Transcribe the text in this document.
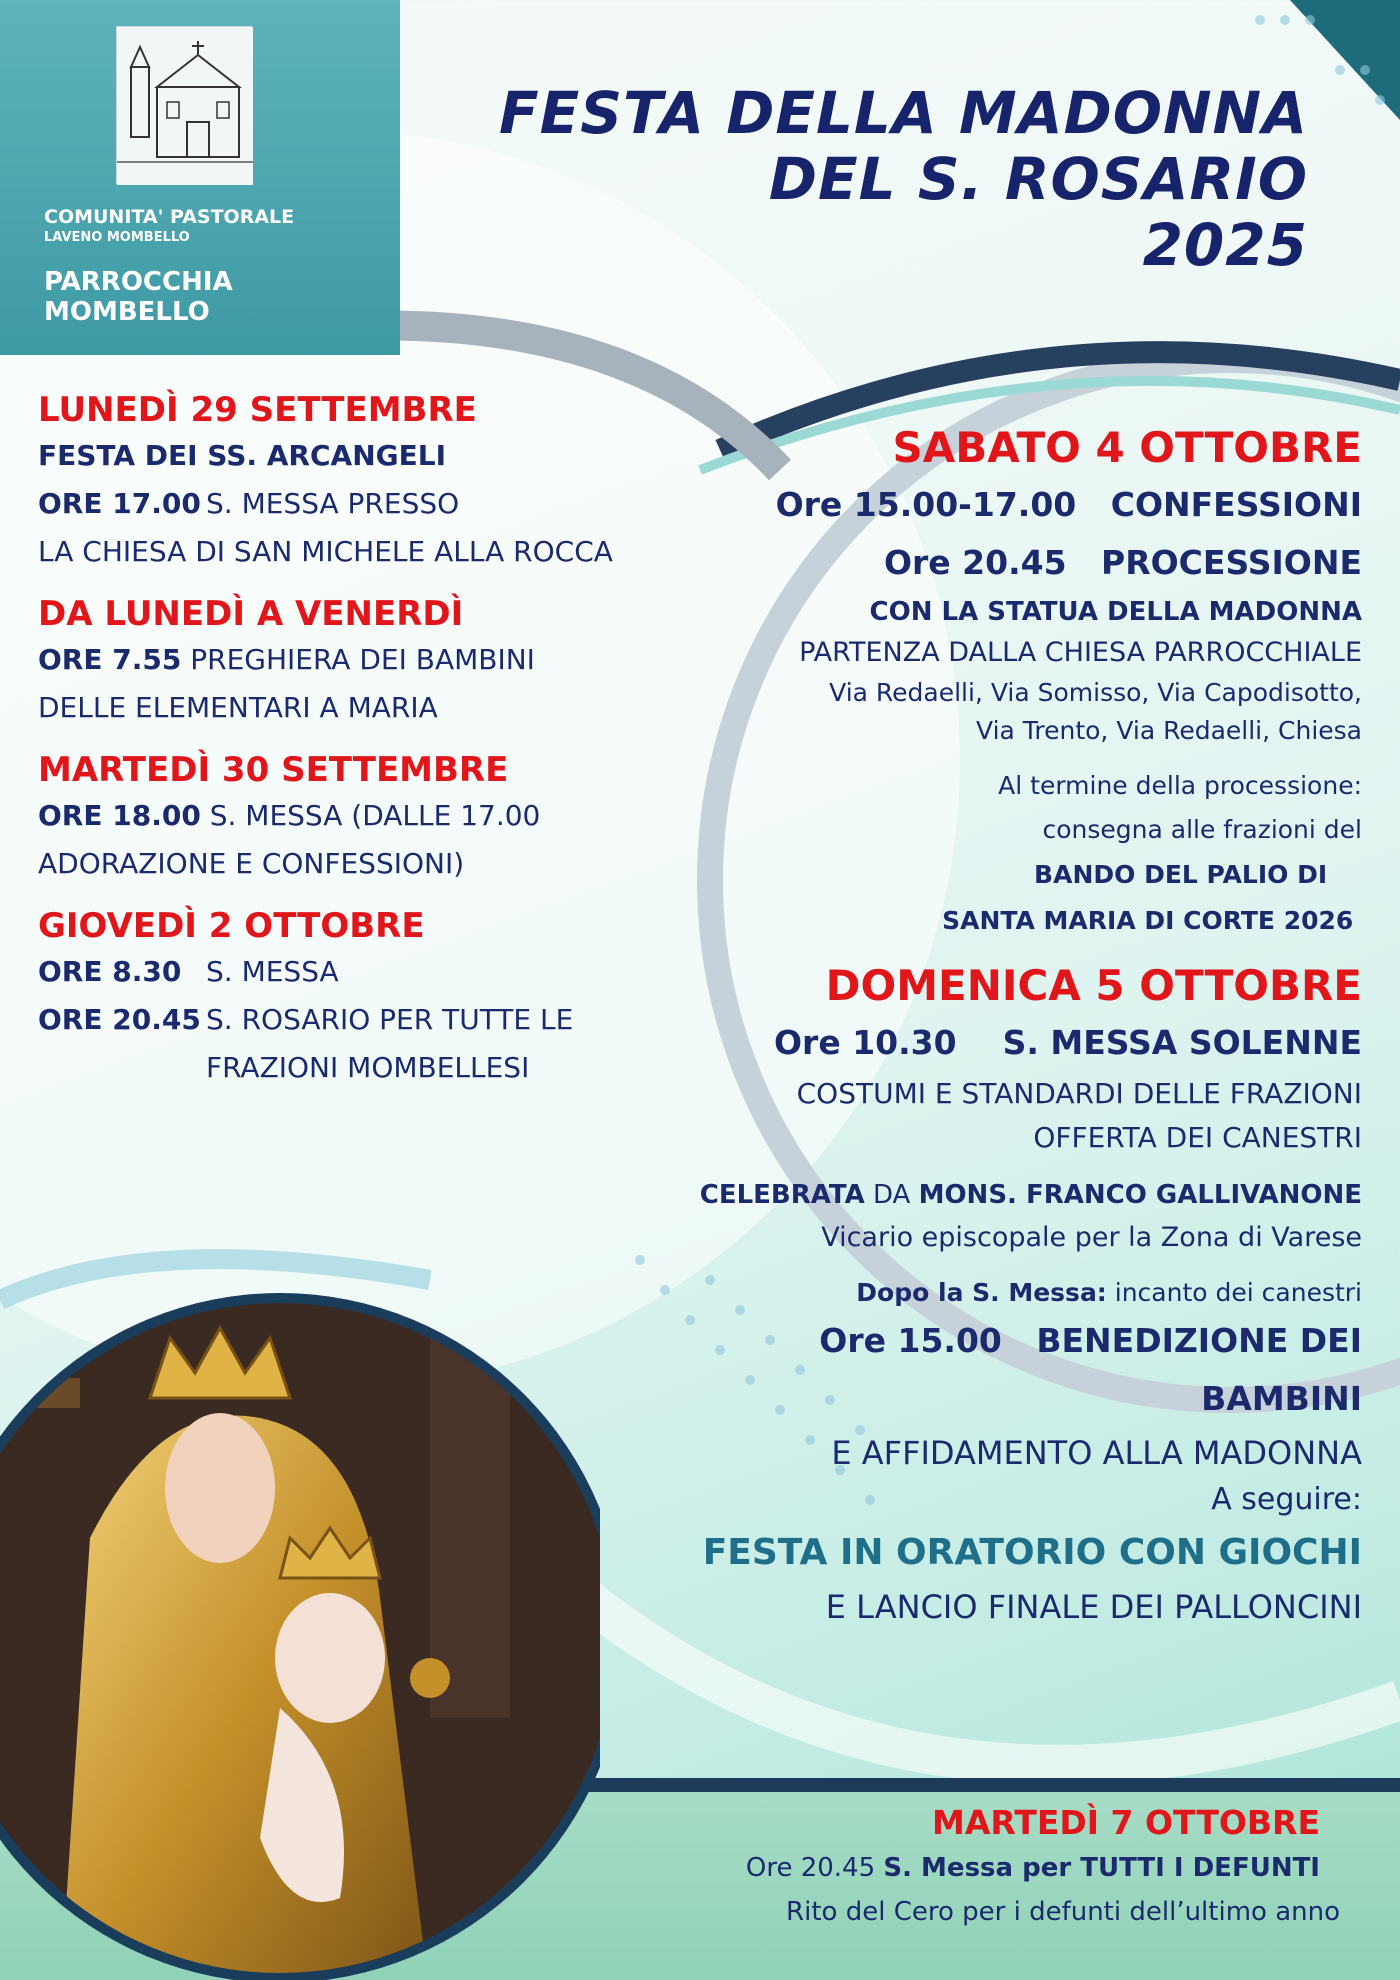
COMUNITA' PASTORALE
LAVENO MOMBELLO
PARROCCHIA
MOMBELLO
FESTA DELLA MADONNA
DEL S. ROSARIO
2025
LUNEDÌ 29 SETTEMBRE
FESTA DEI SS. ARCANGELI
ORE 17.00 S. MESSA PRESSO
LA CHIESA DI SAN MICHELE ALLA ROCCA
DA LUNEDÌ A VENERDÌ
ORE 7.55 PREGHIERA DEI BAMBINI
DELLE ELEMENTARI A MARIA
MARTEDÌ 30 SETTEMBRE
ORE 18.00 S. MESSA (DALLE 17.00
ADORAZIONE E CONFESSIONI)
GIOVEDÌ 2 OTTOBRE
ORE 8.30 S. MESSA
ORE 20.45 S. ROSARIO PER TUTTE LE
FRAZIONI MOMBELLESI
SABATO 4 OTTOBRE
Ore 15.00-17.00 CONFESSIONI
Ore 20.45 PROCESSIONE
CON LA STATUA DELLA MADONNA
PARTENZA DALLA CHIESA PARROCCHIALE
Via Redaelli, Via Somisso, Via Capodisotto,
Via Trento, Via Redaelli, Chiesa
Al termine della processione:
consegna alle frazioni del
BANDO DEL PALIO DI
SANTA MARIA DI CORTE 2026
DOMENICA 5 OTTOBRE
Ore 10.30 S. MESSA SOLENNE
COSTUMI E STANDARDI DELLE FRAZIONI
OFFERTA DEI CANESTRI
CELEBRATA DA MONS. FRANCO GALLIVANONE
Vicario episcopale per la Zona di Varese
Dopo la S. Messa: incanto dei canestri
Ore 15.00 BENEDIZIONE DEI BAMBINI
E AFFIDAMENTO ALLA MADONNA
A seguire:
FESTA IN ORATORIO CON GIOCHI
E LANCIO FINALE DEI PALLONCINI
MARTEDÌ 7 OTTOBRE
Ore 20.45 S. Messa per TUTTI I DEFUNTI
Rito del Cero per i defunti dell’ultimo anno
